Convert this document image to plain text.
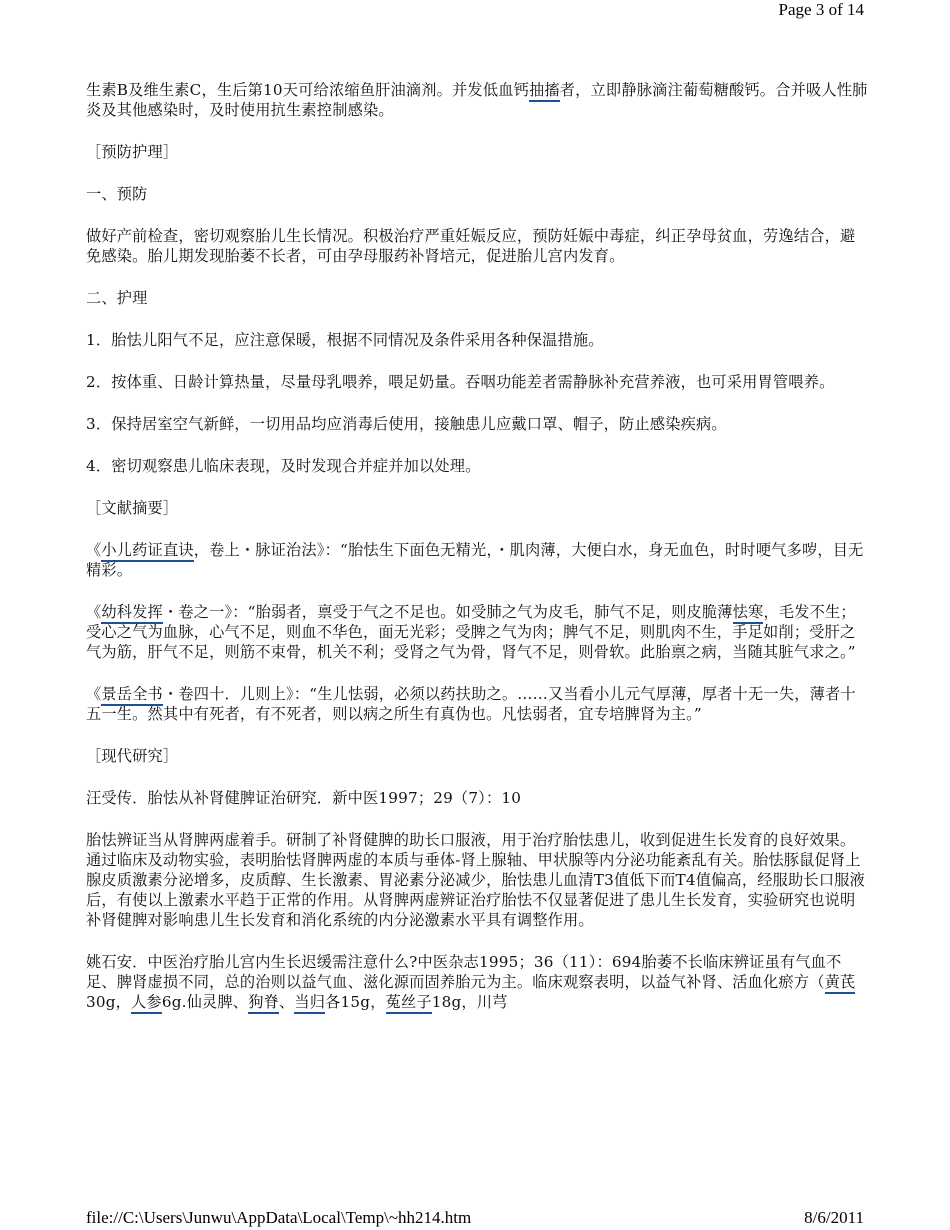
Page 3 of 14

生素B及维生素C，生后第10天可给浓缩鱼肝油滴剂。并发低血钙抽搐者，立即静脉滴注葡萄糖酸钙。合并吸人性肺炎及其他感染时，及时使用抗生素控制感染。

［预防护理］

一、预防

做好产前检查，密切观察胎儿生长情况。积极治疗严重妊娠反应，预防妊娠中毒症，纠正孕母贫血，劳逸结合，避免感染。胎儿期发现胎萎不长者，可由孕母服药补肾培元，促进胎儿宫内发育。

二、护理

1．胎怯儿阳气不足，应注意保暖，根据不同情况及条件采用各种保温措施。

2．按体重、日龄计算热量，尽量母乳喂养，喂足奶量。吞咽功能差者需静脉补充营养液，也可采用胃管喂养。

3．保持居室空气新鲜，一切用品均应消毒后使用，接触患儿应戴口罩、帽子，防止感染疾病。

4．密切观察患儿临床表现，及时发现合并症并加以处理。

［文献摘要］

《小儿药证直诀，卷上・脉证治法》：“胎怯生下面色无精光，・肌肉薄，大便白水，身无血色，时时哽气多哕，目无精彩。

《幼科发挥・卷之一》：“胎弱者，禀受于气之不足也。如受肺之气为皮毛，肺气不足，则皮脆薄怯寒，毛发不生；受心之气为血脉，心气不足，则血不华色，面无光彩；受脾之气为肉；脾气不足，则肌肉不生，手足如削；受肝之气为筋，肝气不足，则筋不束骨，机关不利；受肾之气为骨，肾气不足，则骨软。此胎禀之病，当随其脏气求之。”

《景岳全书・卷四十．儿则上》：“生儿怯弱，必须以药扶助之。……又当看小儿元气厚薄，厚者十无一失，薄者十五一生。然其中有死者，有不死者，则以病之所生有真伪也。凡怯弱者，宜专培脾肾为主。”

［现代研究］

汪受传．胎怯从补肾健脾证治研究．新中医1997；29（7）：10

胎怯辨证当从肾脾两虚着手。研制了补肾健脾的助长口服液，用于治疗胎怯患儿，收到促进生长发育的良好效果。通过临床及动物实验，表明胎怯肾脾两虚的本质与垂体-肾上腺轴、甲状腺等内分泌功能紊乱有关。胎怯豚鼠促肾上腺皮质激素分泌增多，皮质醇、生长激素、胃泌素分泌减少，胎怯患儿血清T3值低下而T4值偏高，经服助长口服液后，有使以上激素水平趋于正常的作用。从肾脾两虚辨证治疗胎怯不仅显著促进了患儿生长发育，实验研究也说明补肾健脾对影响患儿生长发育和消化系统的内分泌激素水平具有调整作用。

姚石安．中医治疗胎儿宫内生长迟缓需注意什么?中医杂志1995；36（11）：694胎萎不长临床辨证虽有气血不足、脾肾虚损不同，总的治则以益气血、滋化源而固养胎元为主。临床观察表明，以益气补肾、活血化瘀方（黄芪30g，人参6g.仙灵脾、狗脊、当归各15g，菟丝子18g，川芎

file://C:\Users\Junwu\AppData\Local\Temp\~hh214.htm	8/6/2011
